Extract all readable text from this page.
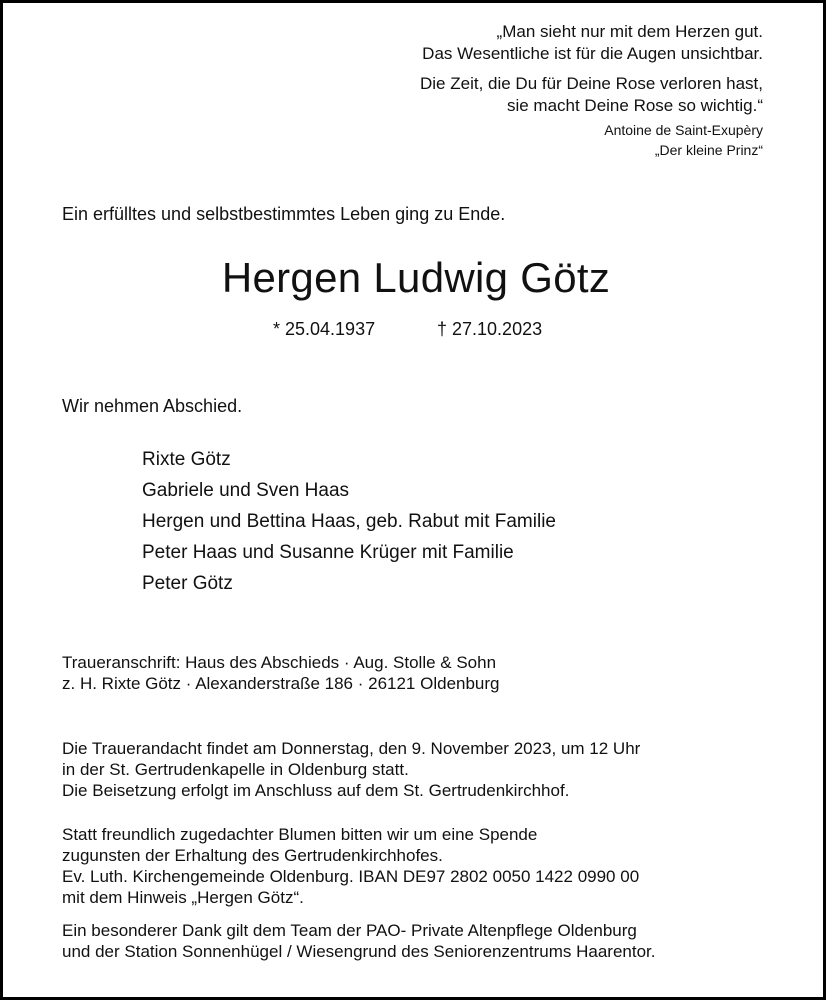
„Man sieht nur mit dem Herzen gut.
Das Wesentliche ist für die Augen unsichtbar.
Die Zeit, die Du für Deine Rose verloren hast,
sie macht Deine Rose so wichtig.“
Antoine de Saint-Exupèry
„Der kleine Prinz“

Ein erfülltes und selbstbestimmtes Leben ging zu Ende.

Hergen Ludwig Götz
* 25.04.1937	† 27.10.2023

Wir nehmen Abschied.

Rixte Götz
Gabriele und Sven Haas
Hergen und Bettina Haas, geb. Rabut mit Familie
Peter Haas und Susanne Krüger mit Familie
Peter Götz
Traueranschrift: Haus des Abschieds · Aug. Stolle & Sohn
z. H. Rixte Götz · Alexanderstraße 186 · 26121 Oldenburg
Die Trauerandacht findet am Donnerstag, den 9. November 2023, um 12 Uhr
in der St. Gertrudenkapelle in Oldenburg statt.
Die Beisetzung erfolgt im Anschluss auf dem St. Gertrudenkirchhof.
Statt freundlich zugedachter Blumen bitten wir um eine Spende
zugunsten der Erhaltung des Gertrudenkirchhofes.
Ev. Luth. Kirchengemeinde Oldenburg. IBAN DE97 2802 0050 1422 0990 00
mit dem Hinweis „Hergen Götz“.
Ein besonderer Dank gilt dem Team der PAO- Private Altenpflege Oldenburg
und der Station Sonnenhügel / Wiesengrund des Seniorenzentrums Haarentor.
